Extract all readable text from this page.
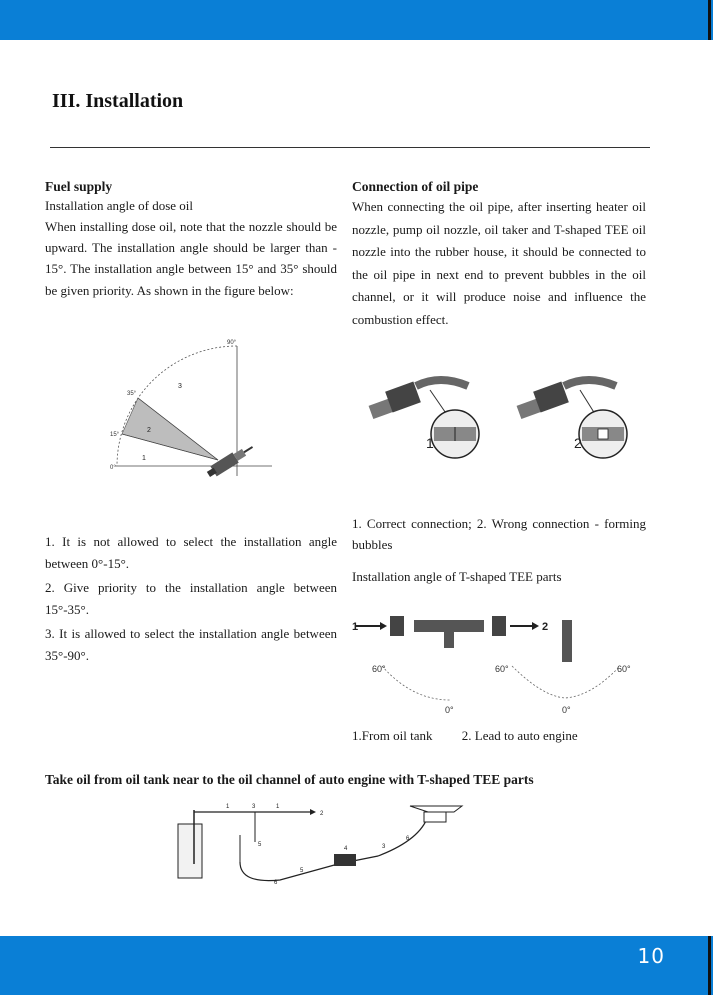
III. Installation
Fuel supply
Installation angle of dose oil

When installing dose oil, note that the nozzle should be upward. The installation angle should be larger than - 15°. The installation angle between 15° and 35° should be given priority. As shown in the figure below:

90°
35°
15°
0°
1
2
3

1. It is not allowed to select the installation angle between 0°-15°.

2. Give priority to the installation angle between 15°-35°.

3. It is allowed to select the installation angle between 35°-90°.

Connection of oil pipe

When connecting the oil pipe, after inserting heater oil nozzle, pump oil nozzle, oil taker and T-shaped TEE oil nozzle into the rubber house, it should be connected to the oil pipe in next end to prevent bubbles in the oil channel, or it will produce noise and influence the combustion effect.

1	2

1. Correct connection; 2. Wrong connection - forming bubbles

Installation angle of T-shaped TEE parts
1	2
60°	60°	60°
0°	0°
1.From oil tank 2. Lead to auto engine
Take oil from oil tank near to the oil channel of auto engine with T-shaped TEE parts
1	3	1
2
5
4	3
5
6
6
10
